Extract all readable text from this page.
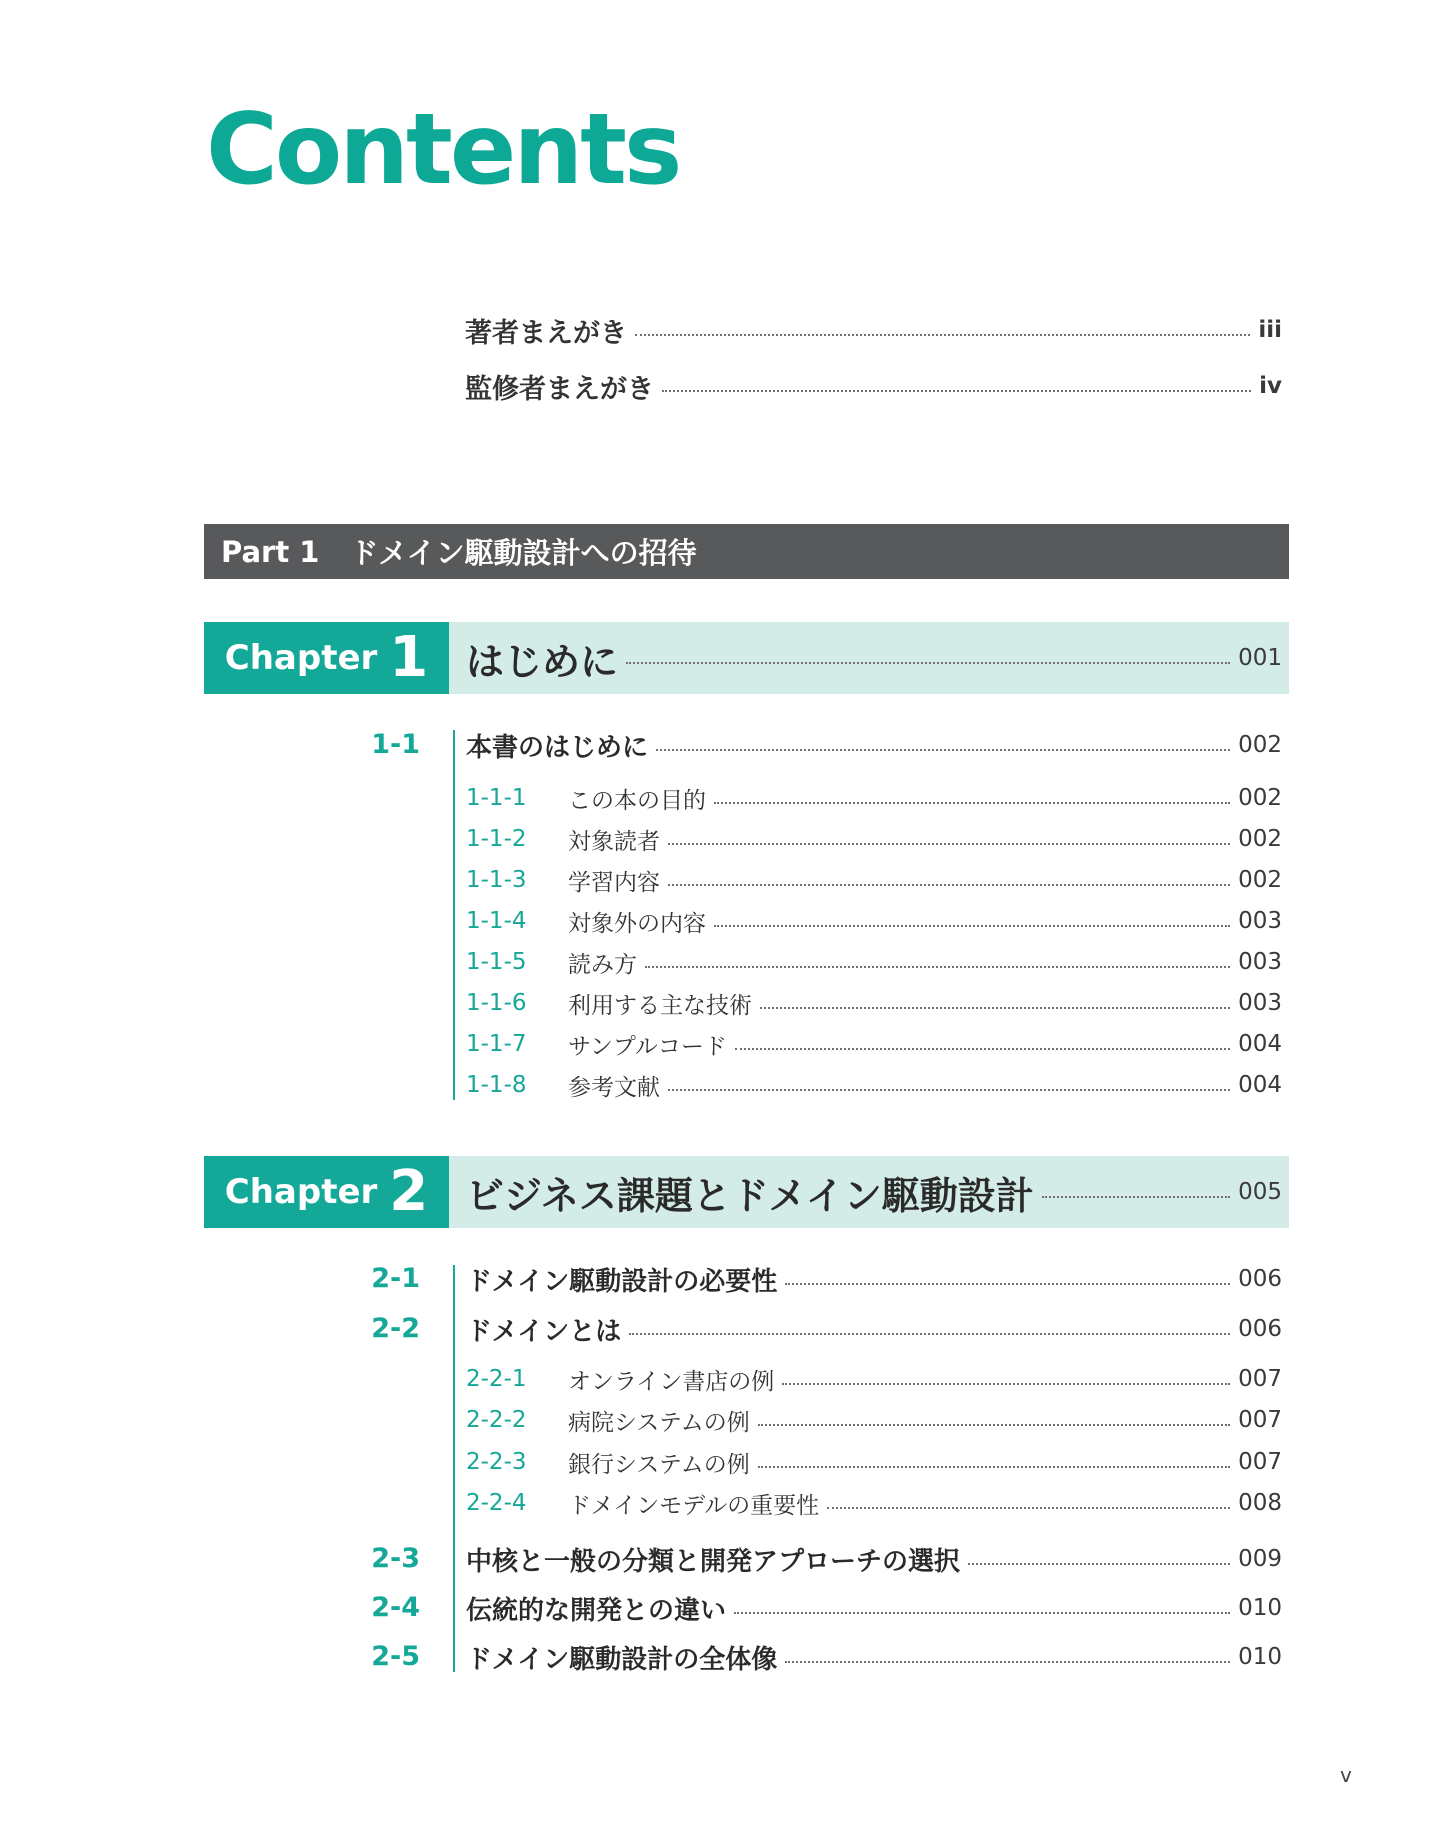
Contents
著者まえがき	iii
監修者まえがき	iv
Part 1 ドメイン駆動設計への招待
Chapter 1 はじめに	001
1-1 本書のはじめに	002
1-1-1	この本の目的	002
1-1-2	対象読者	002
1-1-3	学習内容	002
1-1-4	対象外の内容	003
1-1-5	読み方	003
1-1-6	利用する主な技術	003
1-1-7	サンプルコード	004
1-1-8	参考文献	004
Chapter 2 ビジネス課題とドメイン駆動設計	005
2-1 ドメイン駆動設計の必要性	006
2-2 ドメインとは	006
2-2-1	オンライン書店の例	007
2-2-2	病院システムの例	007
2-2-3	銀行システムの例	007
2-2-4	ドメインモデルの重要性	008
2-3 中核と一般の分類と開発アプローチの選択	009
2-4 伝統的な開発との違い	010
2-5 ドメイン駆動設計の全体像	010
v
